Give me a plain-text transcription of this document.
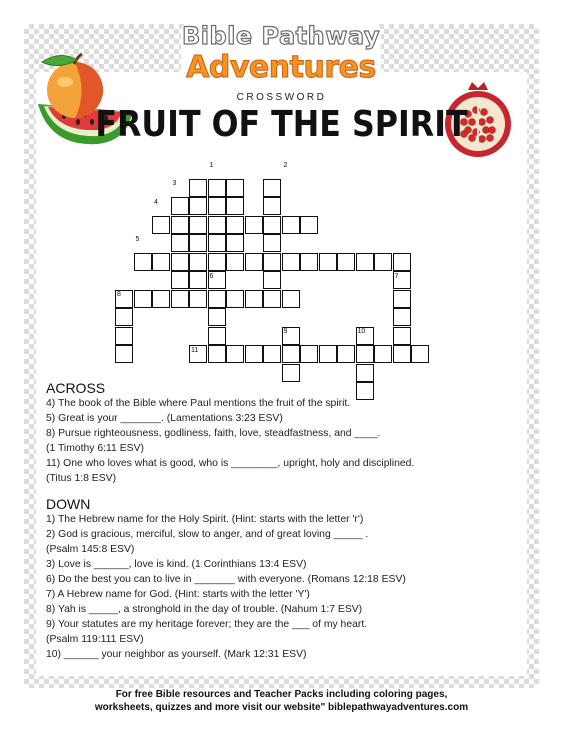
Bible Pathway
Adventures
CROSSWORD
FRUIT OF THE SPIRIT
1	2
3
4
5
6	7
8
9	10
11
ACROSS

4) The book of the Bible where Paul mentions the fruit of the spirit.

5) Great is your _______. (Lamentations 3:23 ESV)

8) Pursue righteousness, godliness, faith, love, steadfastness, and ____.

(1 Timothy 6:11 ESV)

11) One who loves what is good, who is ________, upright, holy and disciplined.

(Titus 1:8 ESV)

DOWN

1) The Hebrew name for the Holy Spirit. (Hint: starts with the letter 'r')

2) God is gracious, merciful, slow to anger, and of great loving _____ .

(Psalm 145:8 ESV)

3) Love is ______, love is kind. (1 Corinthians 13:4 ESV)

6) Do the best you can to live in _______ with everyone. (Romans 12:18 ESV)

7) A Hebrew name for God. (Hint: starts with the letter 'Y')

8) Yah is _____, a stronghold in the day of trouble. (Nahum 1:7 ESV)

9) Your statutes are my heritage forever; they are the ___ of my heart.

(Psalm 119:111 ESV)

10) ______ your neighbor as yourself. (Mark 12:31 ESV)

For free Bible resources and Teacher Packs including coloring pages,
worksheets, quizzes and more visit our website" biblepathwayadventures.com
